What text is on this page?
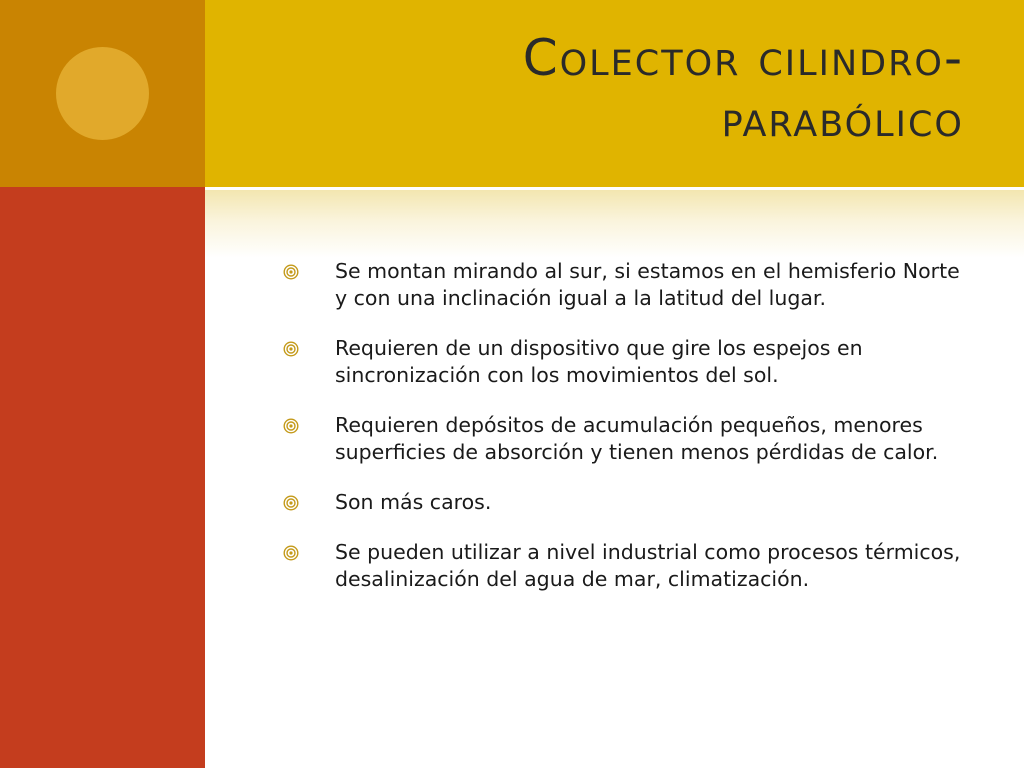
Colector cilindro-parabólico
Se montan mirando al sur, si estamos en el hemisferio Norte y con una inclinación igual a la latitud del lugar.
Requieren de un dispositivo que gire los espejos en sincronización con los movimientos del sol.
Requieren depósitos de acumulación pequeños, menores superficies de absorción y tienen menos pérdidas de calor.
Son más caros.
Se pueden utilizar a nivel industrial como procesos térmicos, desalinización del agua de mar, climatización.
